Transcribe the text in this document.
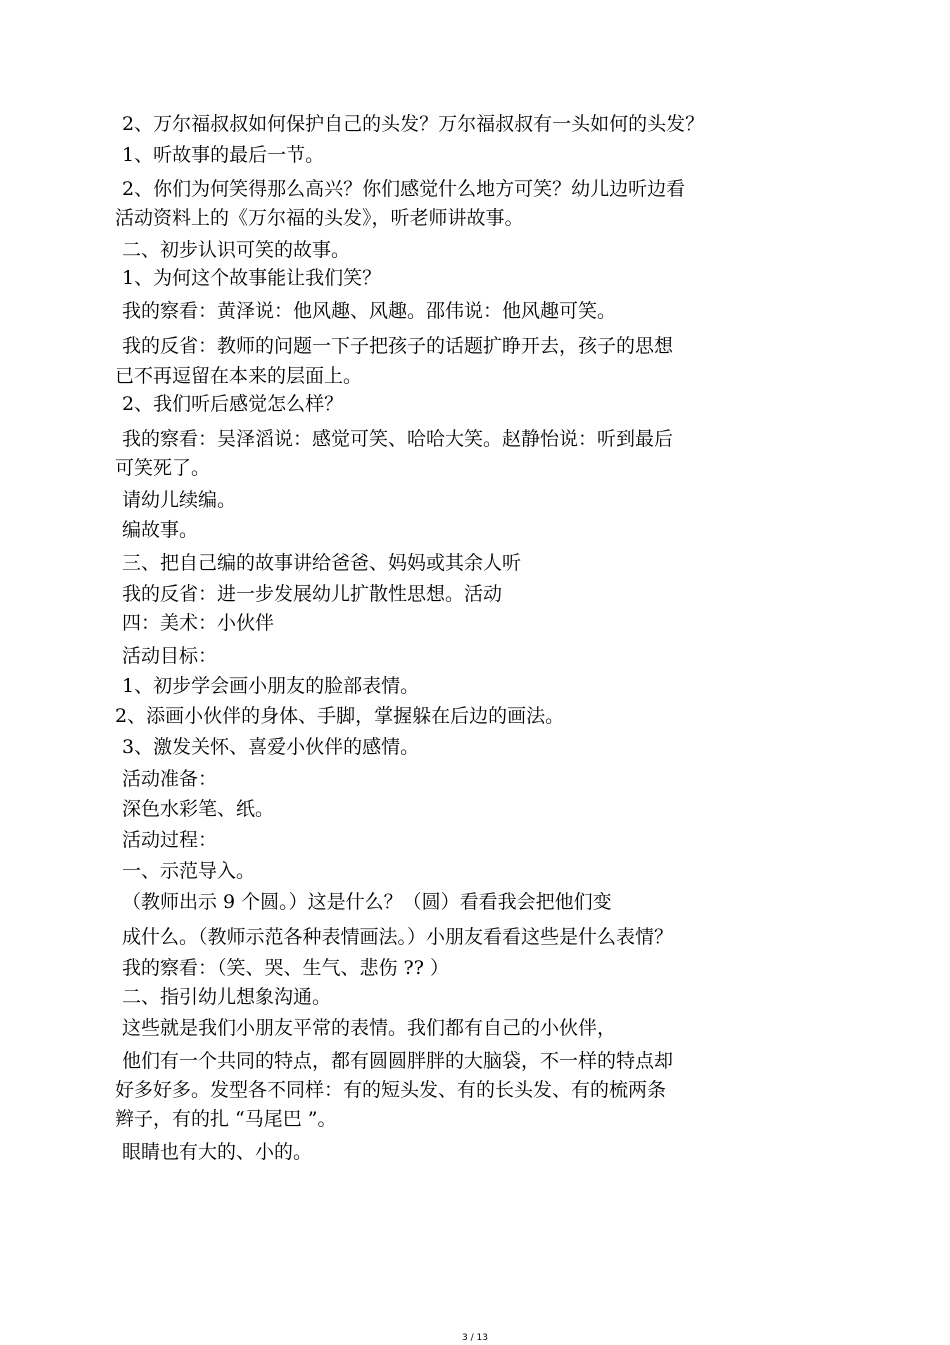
2、万尔福叔叔如何保护自己的头发？万尔福叔叔有一头如何的头发？
1、听故事的最后一节。
2、你们为何笑得那么高兴？你们感觉什么地方可笑？幼儿边听边看
活动资料上的《万尔福的头发》，听老师讲故事。
二、初步认识可笑的故事。
1、为何这个故事能让我们笑？
我的察看：黄泽说：他风趣、风趣。邵伟说：他风趣可笑。
我的反省：教师的问题一下子把孩子的话题扩睁开去，孩子的思想
已不再逗留在本来的层面上。
2、我们听后感觉怎么样？
我的察看：吴泽滔说：感觉可笑、哈哈大笑。赵静怡说：听到最后
可笑死了。
请幼儿续编。
编故事。
三、把自己编的故事讲给爸爸、妈妈或其余人听
我的反省：进一步发展幼儿扩散性思想。活动
四：美术：小伙伴
活动目标：
1、初步学会画小朋友的脸部表情。
2、添画小伙伴的身体、手脚，掌握躲在后边的画法。
3、激发关怀、喜爱小伙伴的感情。
活动准备：
深色水彩笔、纸。
活动过程：
一、示范导入。
（教师出示 9 个圆。）这是什么？（圆）看看我会把他们变
成什么。（教师示范各种表情画法。）小朋友看看这些是什么表情？
我的察看：（笑、哭、生气、悲伤 ?? ）
二、指引幼儿想象沟通。
这些就是我们小朋友平常的表情。我们都有自己的小伙伴，
他们有一个共同的特点，都有圆圆胖胖的大脑袋，不一样的特点却
好多好多。发型各不同样：有的短头发、有的长头发、有的梳两条
辫子，有的扎 “马尾巴 ”。
眼睛也有大的、小的。
3 / 13
